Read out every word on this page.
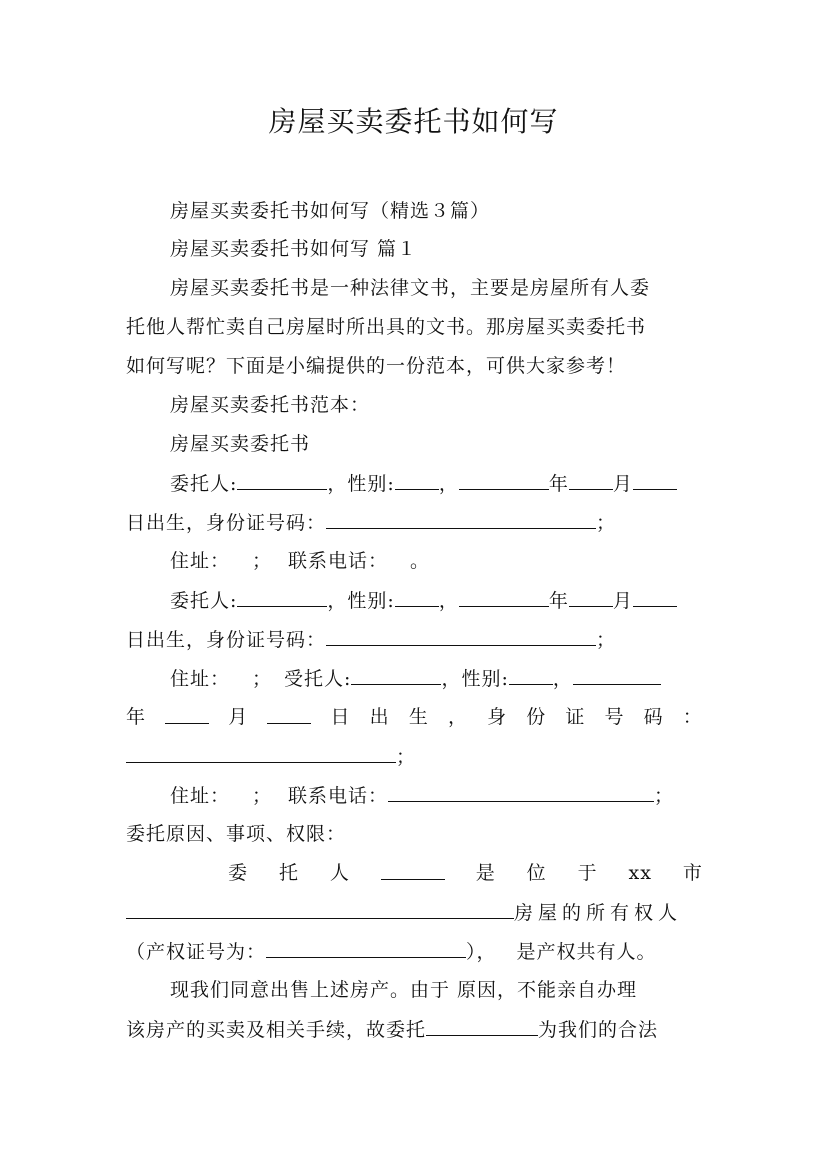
房屋买卖委托书如何写
房屋买卖委托书如何写（精选３篇）
房屋买卖委托书如何写 篇１
房屋买卖委托书是一种法律文书，主要是房屋所有人委
托他人帮忙卖自己房屋时所出具的文书。那房屋买卖委托书
如何写呢？下面是小编提供的一份范本，可供大家参考！
房屋买卖委托书范本：
房屋买卖委托书
委托人:	，性别: ，	年 月
日出生，身份证号码：	；
住址： ； 联系电话： 。
委托人:	，性别: ，	年 月
日出生，身份证号码：	；
住址： ； 受托人:	，性别: ，
年	月	日 出 生 ， 身 份 证 号 码 ：
；
住址： ； 联系电话：	；
委托原因、事项、权限：
委 托 人	是 位 于 xx 市
房屋的所有权人
（产权证号为：	）， 是产权共有人。
现我们同意出售上述房产。由于 原因，不能亲自办理
该房产的买卖及相关手续，故委托	为我们的合法
